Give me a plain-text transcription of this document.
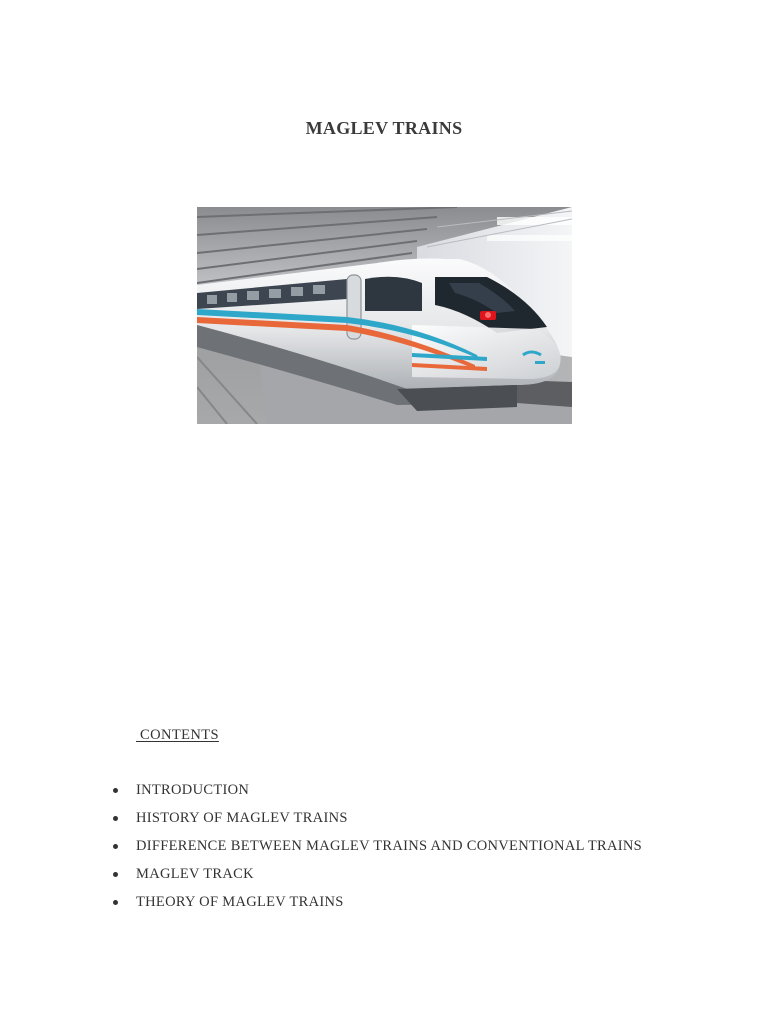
MAGLEV TRAINS
CONTENTS
INTRODUCTION
HISTORY OF MAGLEV TRAINS
DIFFERENCE BETWEEN MAGLEV TRAINS AND CONVENTIONAL TRAINS
MAGLEV TRACK
THEORY OF MAGLEV TRAINS
